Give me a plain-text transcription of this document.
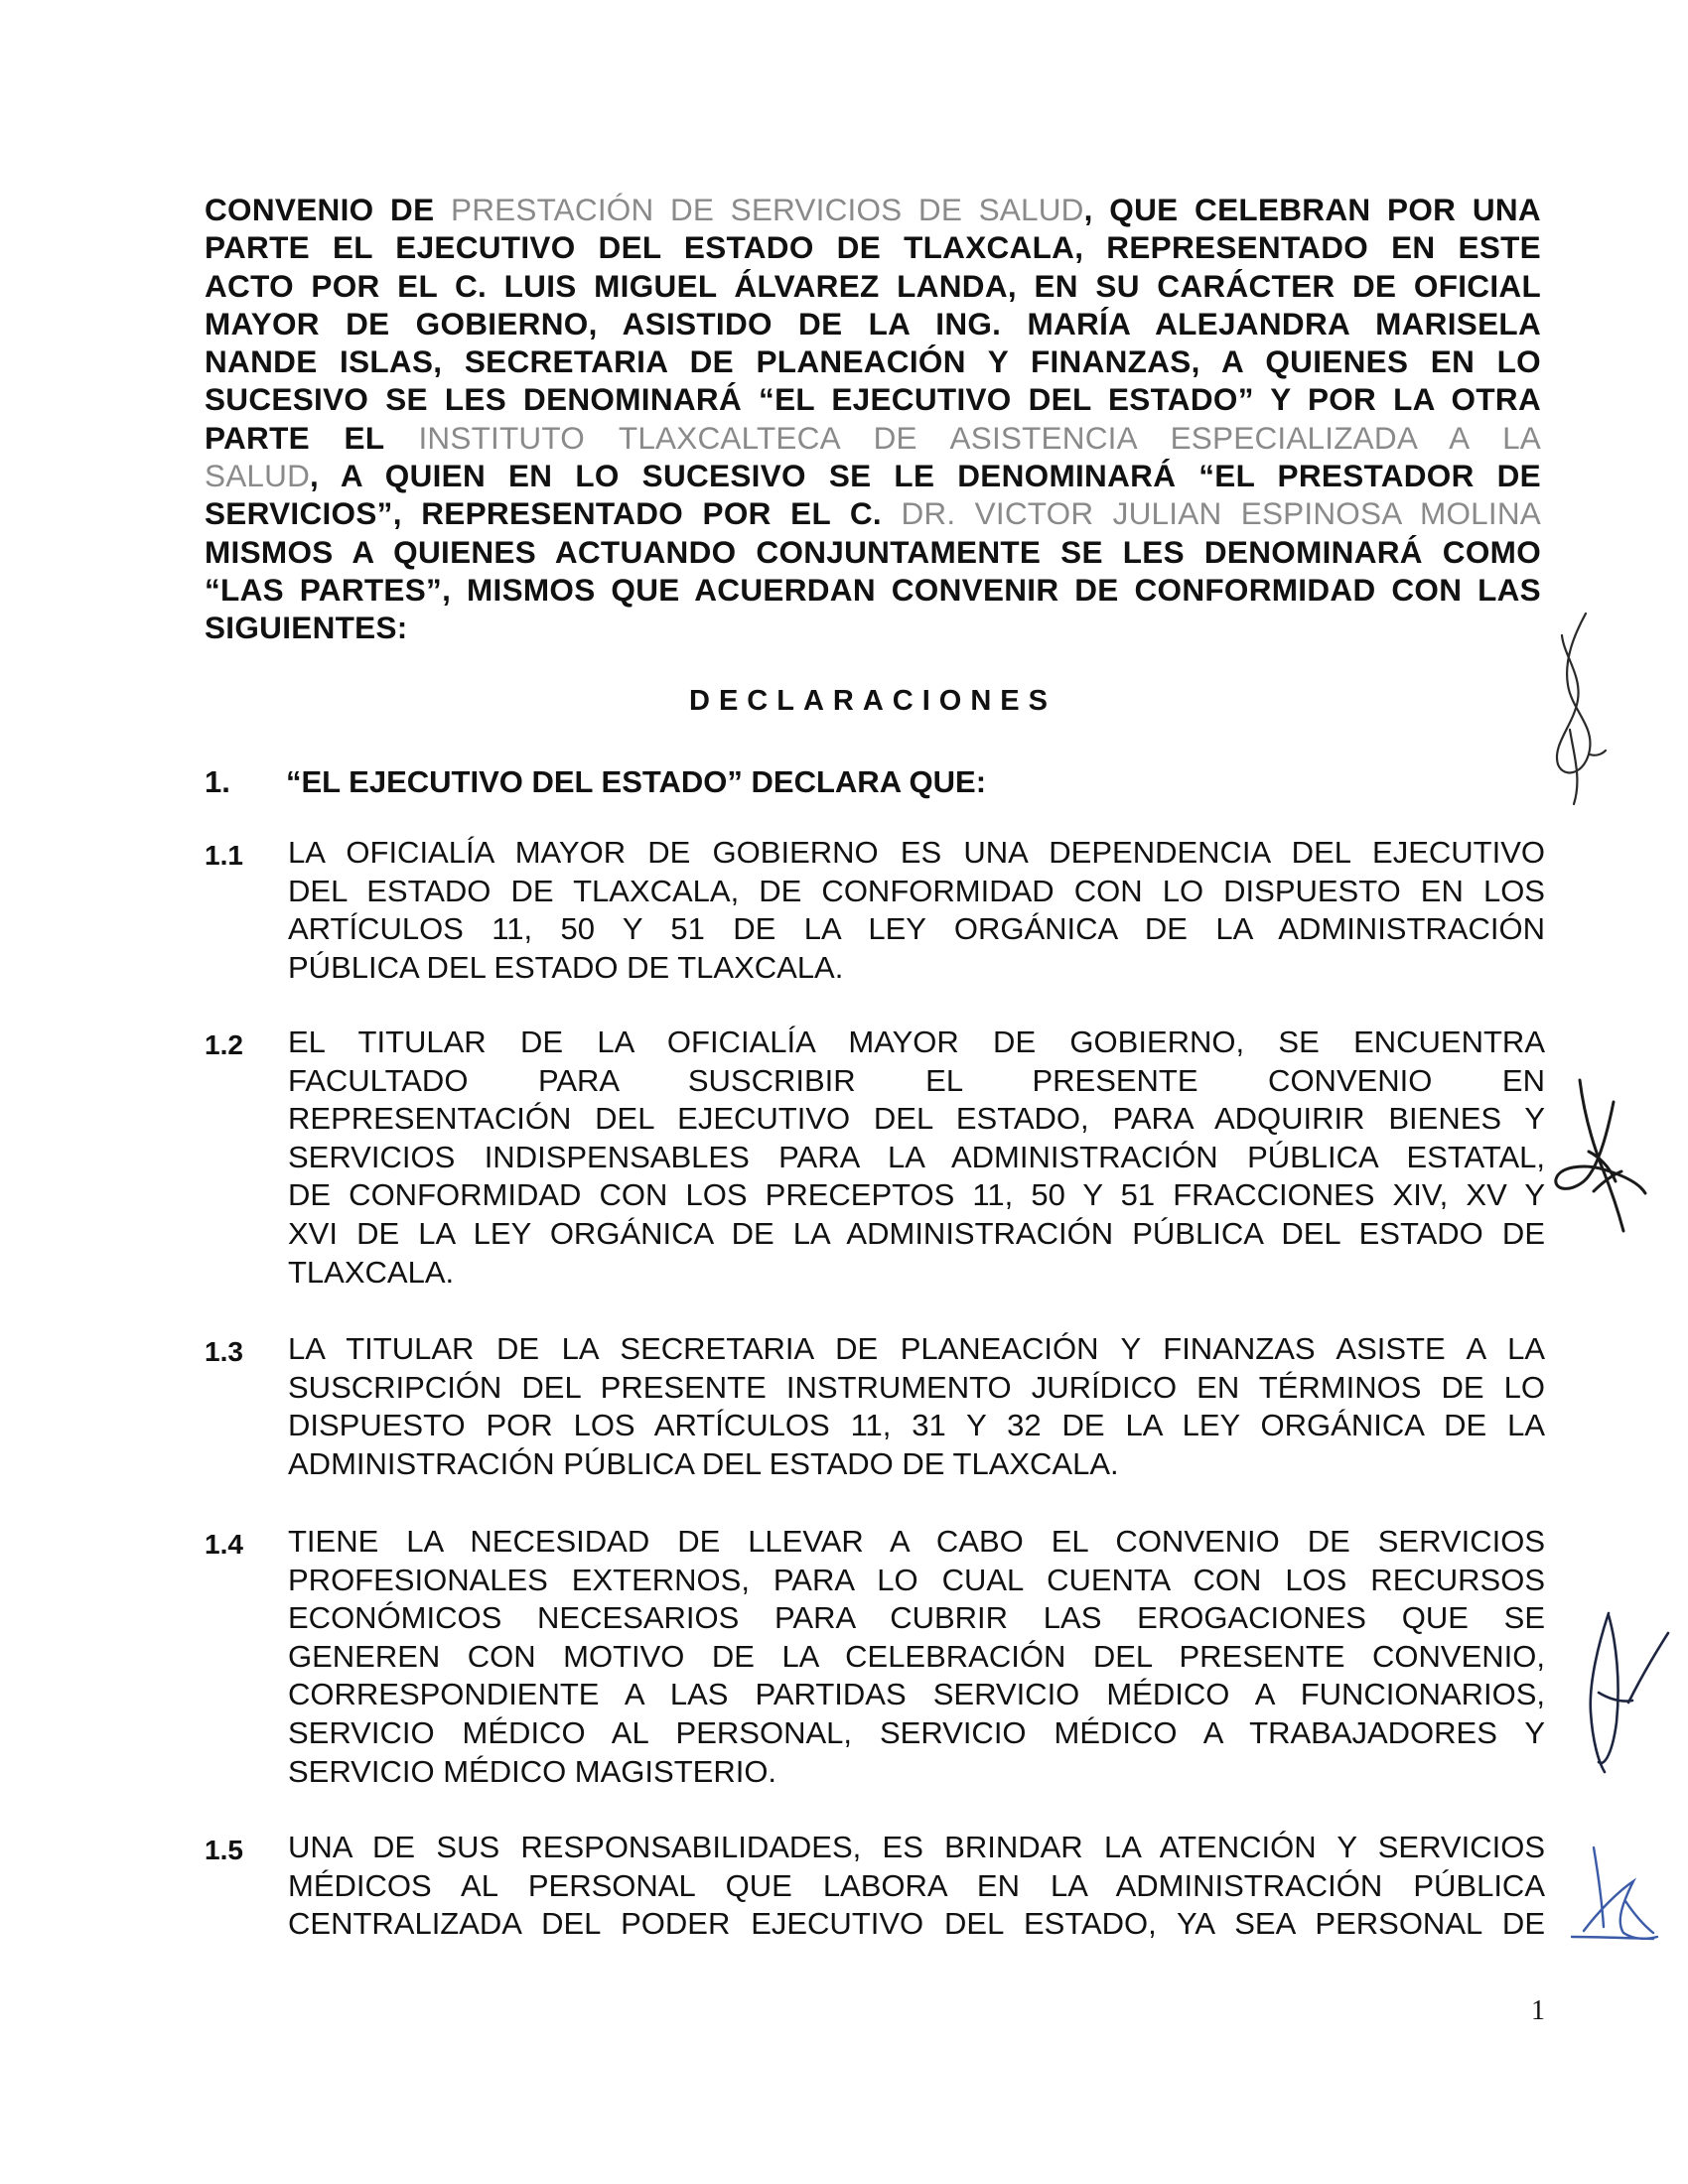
CONVENIO DE PRESTACIÓN DE SERVICIOS DE SALUD, QUE CELEBRAN POR UNA
PARTE EL EJECUTIVO DEL ESTADO DE TLAXCALA, REPRESENTADO EN ESTE
ACTO POR EL C. LUIS MIGUEL ÁLVAREZ LANDA, EN SU CARÁCTER DE OFICIAL
MAYOR DE GOBIERNO, ASISTIDO DE LA ING. MARÍA ALEJANDRA MARISELA
NANDE ISLAS, SECRETARIA DE PLANEACIÓN Y FINANZAS, A QUIENES EN LO
SUCESIVO SE LES DENOMINARÁ “EL EJECUTIVO DEL ESTADO” Y POR LA OTRA
PARTE EL INSTITUTO TLAXCALTECA DE ASISTENCIA ESPECIALIZADA A LA
SALUD, A QUIEN EN LO SUCESIVO SE LE DENOMINARÁ “EL PRESTADOR DE
SERVICIOS”, REPRESENTADO POR EL C. DR. VICTOR JULIAN ESPINOSA MOLINA
MISMOS A QUIENES ACTUANDO CONJUNTAMENTE SE LES DENOMINARÁ COMO
“LAS PARTES”, MISMOS QUE ACUERDAN CONVENIR DE CONFORMIDAD CON LAS
SIGUIENTES:
DECLARACIONES
1. “EL EJECUTIVO DEL ESTADO” DECLARA QUE:
1.1 LA OFICIALÍA MAYOR DE GOBIERNO ES UNA DEPENDENCIA DEL EJECUTIVO
DEL ESTADO DE TLAXCALA, DE CONFORMIDAD CON LO DISPUESTO EN LOS
ARTÍCULOS 11, 50 Y 51 DE LA LEY ORGÁNICA DE LA ADMINISTRACIÓN
PÚBLICA DEL ESTADO DE TLAXCALA.
1.2 EL TITULAR DE LA OFICIALÍA MAYOR DE GOBIERNO, SE ENCUENTRA
FACULTADO PARA SUSCRIBIR EL PRESENTE CONVENIO EN
REPRESENTACIÓN DEL EJECUTIVO DEL ESTADO, PARA ADQUIRIR BIENES Y
SERVICIOS INDISPENSABLES PARA LA ADMINISTRACIÓN PÚBLICA ESTATAL,
DE CONFORMIDAD CON LOS PRECEPTOS 11, 50 Y 51 FRACCIONES XIV, XV Y
XVI DE LA LEY ORGÁNICA DE LA ADMINISTRACIÓN PÚBLICA DEL ESTADO DE
TLAXCALA.
1.3 LA TITULAR DE LA SECRETARIA DE PLANEACIÓN Y FINANZAS ASISTE A LA
SUSCRIPCIÓN DEL PRESENTE INSTRUMENTO JURÍDICO EN TÉRMINOS DE LO
DISPUESTO POR LOS ARTÍCULOS 11, 31 Y 32 DE LA LEY ORGÁNICA DE LA
ADMINISTRACIÓN PÚBLICA DEL ESTADO DE TLAXCALA.
1.4 TIENE LA NECESIDAD DE LLEVAR A CABO EL CONVENIO DE SERVICIOS
PROFESIONALES EXTERNOS, PARA LO CUAL CUENTA CON LOS RECURSOS
ECONÓMICOS NECESARIOS PARA CUBRIR LAS EROGACIONES QUE SE
GENEREN CON MOTIVO DE LA CELEBRACIÓN DEL PRESENTE CONVENIO,
CORRESPONDIENTE A LAS PARTIDAS SERVICIO MÉDICO A FUNCIONARIOS,
SERVICIO MÉDICO AL PERSONAL, SERVICIO MÉDICO A TRABAJADORES Y
SERVICIO MÉDICO MAGISTERIO.
1.5 UNA DE SUS RESPONSABILIDADES, ES BRINDAR LA ATENCIÓN Y SERVICIOS
MÉDICOS AL PERSONAL QUE LABORA EN LA ADMINISTRACIÓN PÚBLICA
CENTRALIZADA DEL PODER EJECUTIVO DEL ESTADO, YA SEA PERSONAL DE
1
